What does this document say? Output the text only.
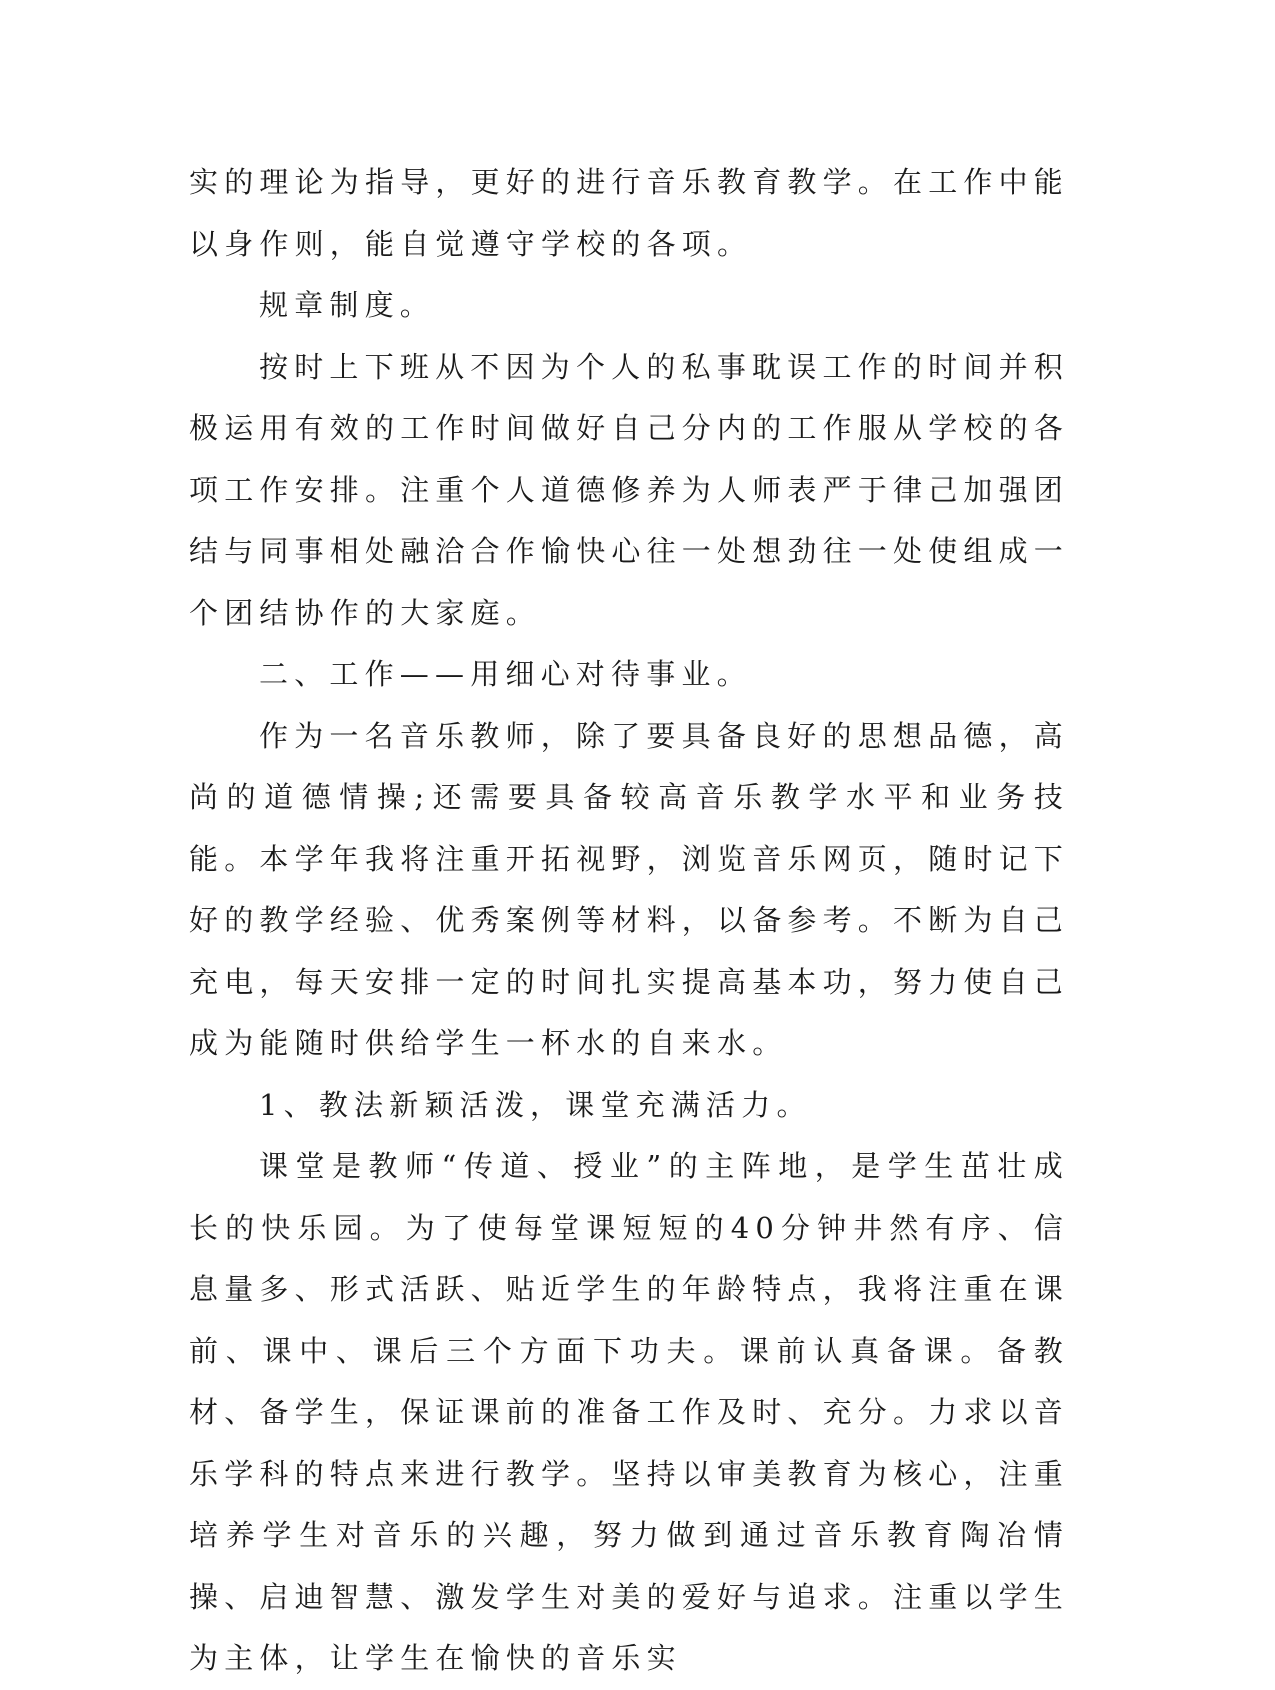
实的理论为指导，更好的进行音乐教育教学。在工作中能以身作则，能自觉遵守学校的各项。

规章制度。

按时上下班从不因为个人的私事耽误工作的时间并积极运用有效的工作时间做好自己分内的工作服从学校的各项工作安排。注重个人道德修养为人师表严于律己加强团结与同事相处融洽合作愉快心往一处想劲往一处使组成一个团结协作的大家庭。

二、工作——用细心对待事业。

作为一名音乐教师，除了要具备良好的思想品德，高尚的道德情操;还需要具备较高音乐教学水平和业务技能。本学年我将注重开拓视野，浏览音乐网页，随时记下好的教学经验、优秀案例等材料，以备参考。不断为自己充电，每天安排一定的时间扎实提高基本功，努力使自己成为能随时供给学生一杯水的自来水。

1、教法新颖活泼，课堂充满活力。

课堂是教师“传道、授业”的主阵地，是学生茁壮成长的快乐园。为了使每堂课短短的40分钟井然有序、信息量多、形式活跃、贴近学生的年龄特点，我将注重在课前、课中、课后三个方面下功夫。课前认真备课。备教材、备学生，保证课前的准备工作及时、充分。力求以音乐学科的特点来进行教学。坚持以审美教育为核心，注重培养学生对音乐的兴趣，努力做到通过音乐教育陶冶情操、启迪智慧、激发学生对美的爱好与追求。注重以学生为主体，让学生在愉快的音乐实
